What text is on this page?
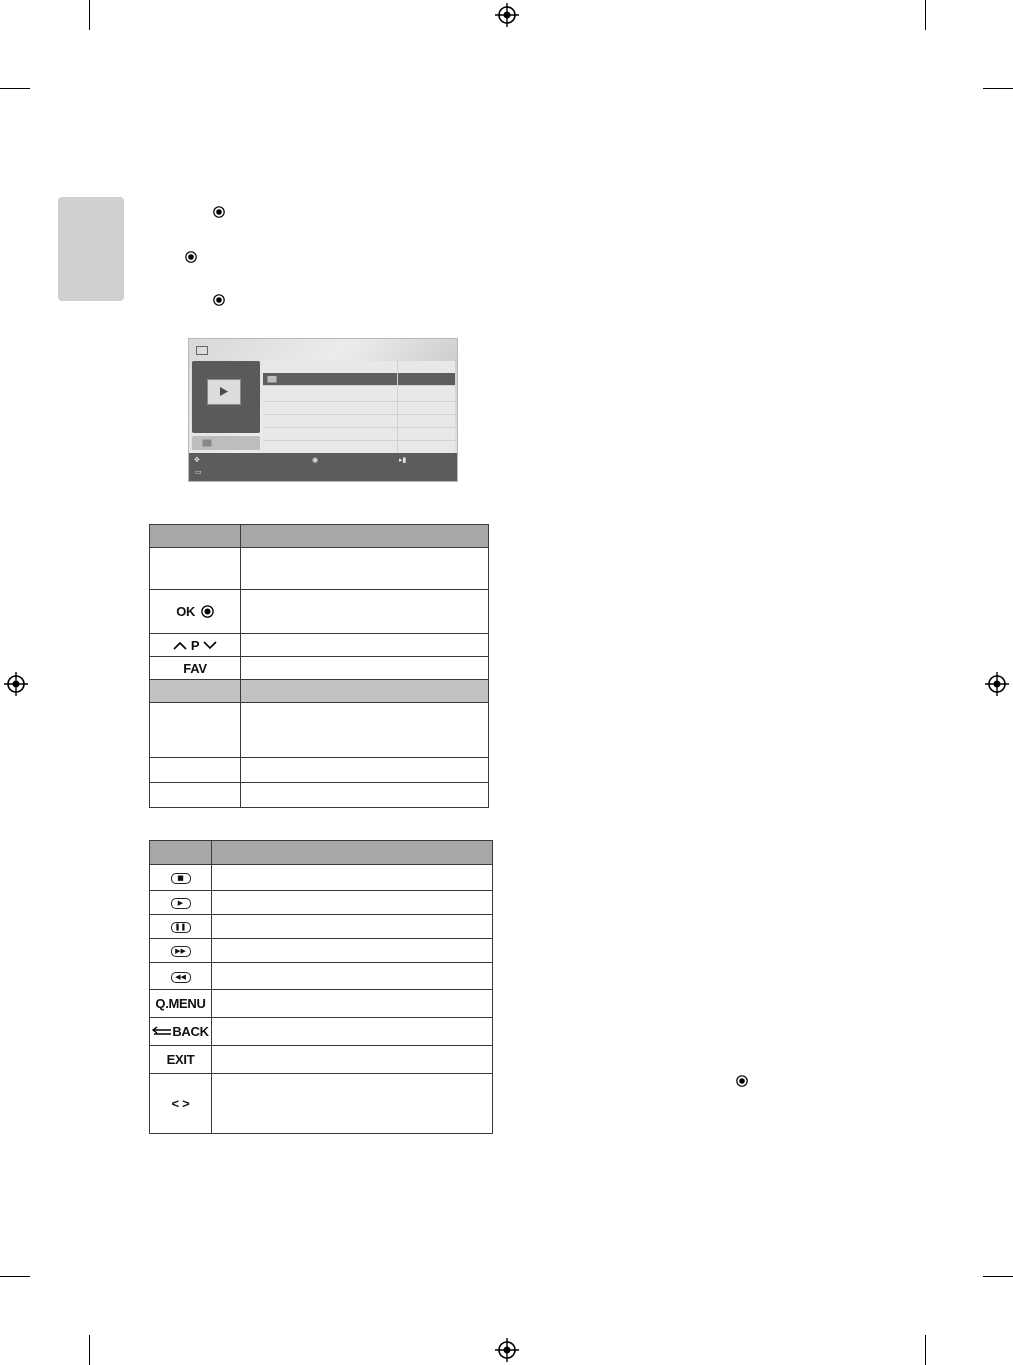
✥
▭
◉	▸▮

OK	
P	
FAV	

■	

▶	

❚❚	

▶▶	

◀◀	

Q.MENU	
BACK	
EXIT	
< >	
